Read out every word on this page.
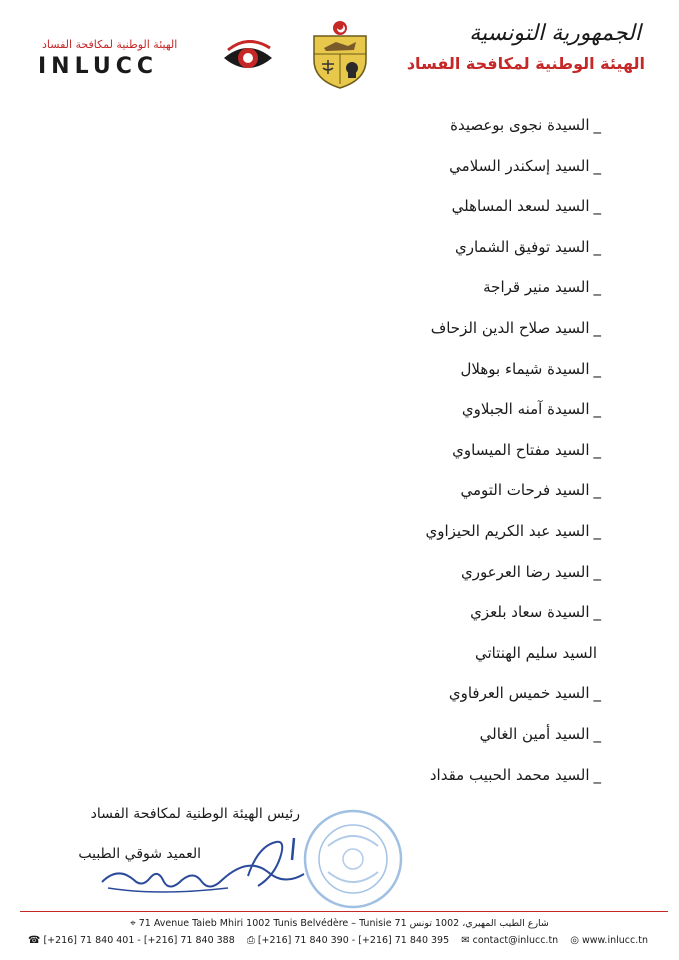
الهيئة الوطنية لمكافحة الفساد
INLUCC
الجمهورية التونسية
الهيئة الوطنية لمكافحة الفساد
_
السيدة نجوى بوعصيدة
_
السيد إسكندر السلامي
_
السيد لسعد المساهلي
_
السيد توفيق الشماري
_
السيد منير قراجة
_
السيد صلاح الدين الزحاف
_
السيدة شيماء بوهلال
_
السيدة آمنه الجبلاوي
_
السيد مفتاح الميساوي
_
السيد فرحات التومي
_
السيد عبد الكريم الحيزاوي
_
السيد رضا العرعوري
_
السيدة سعاد بلعزي
السيد سليم الهنتاتي
_
السيد خميس العرفاوي
_
السيد أمين الغالي
_
السيد محمد الحبيب مقداد
رئيس الهيئة الوطنية لمكافحة الفساد
العميد شوقي الطبيب
⌖ 71 Avenue Taieb Mhiri 1002 Tunis Belvédère – Tunisie 71 شارع الطيب المهيري، 1002 تونس
☎ [+216] 71 840 401 - [+216] 71 840 388 ⎙ [+216] 71 840 390 - [+216] 71 840 395 ✉ contact@inlucc.tn ◎ www.inlucc.tn
